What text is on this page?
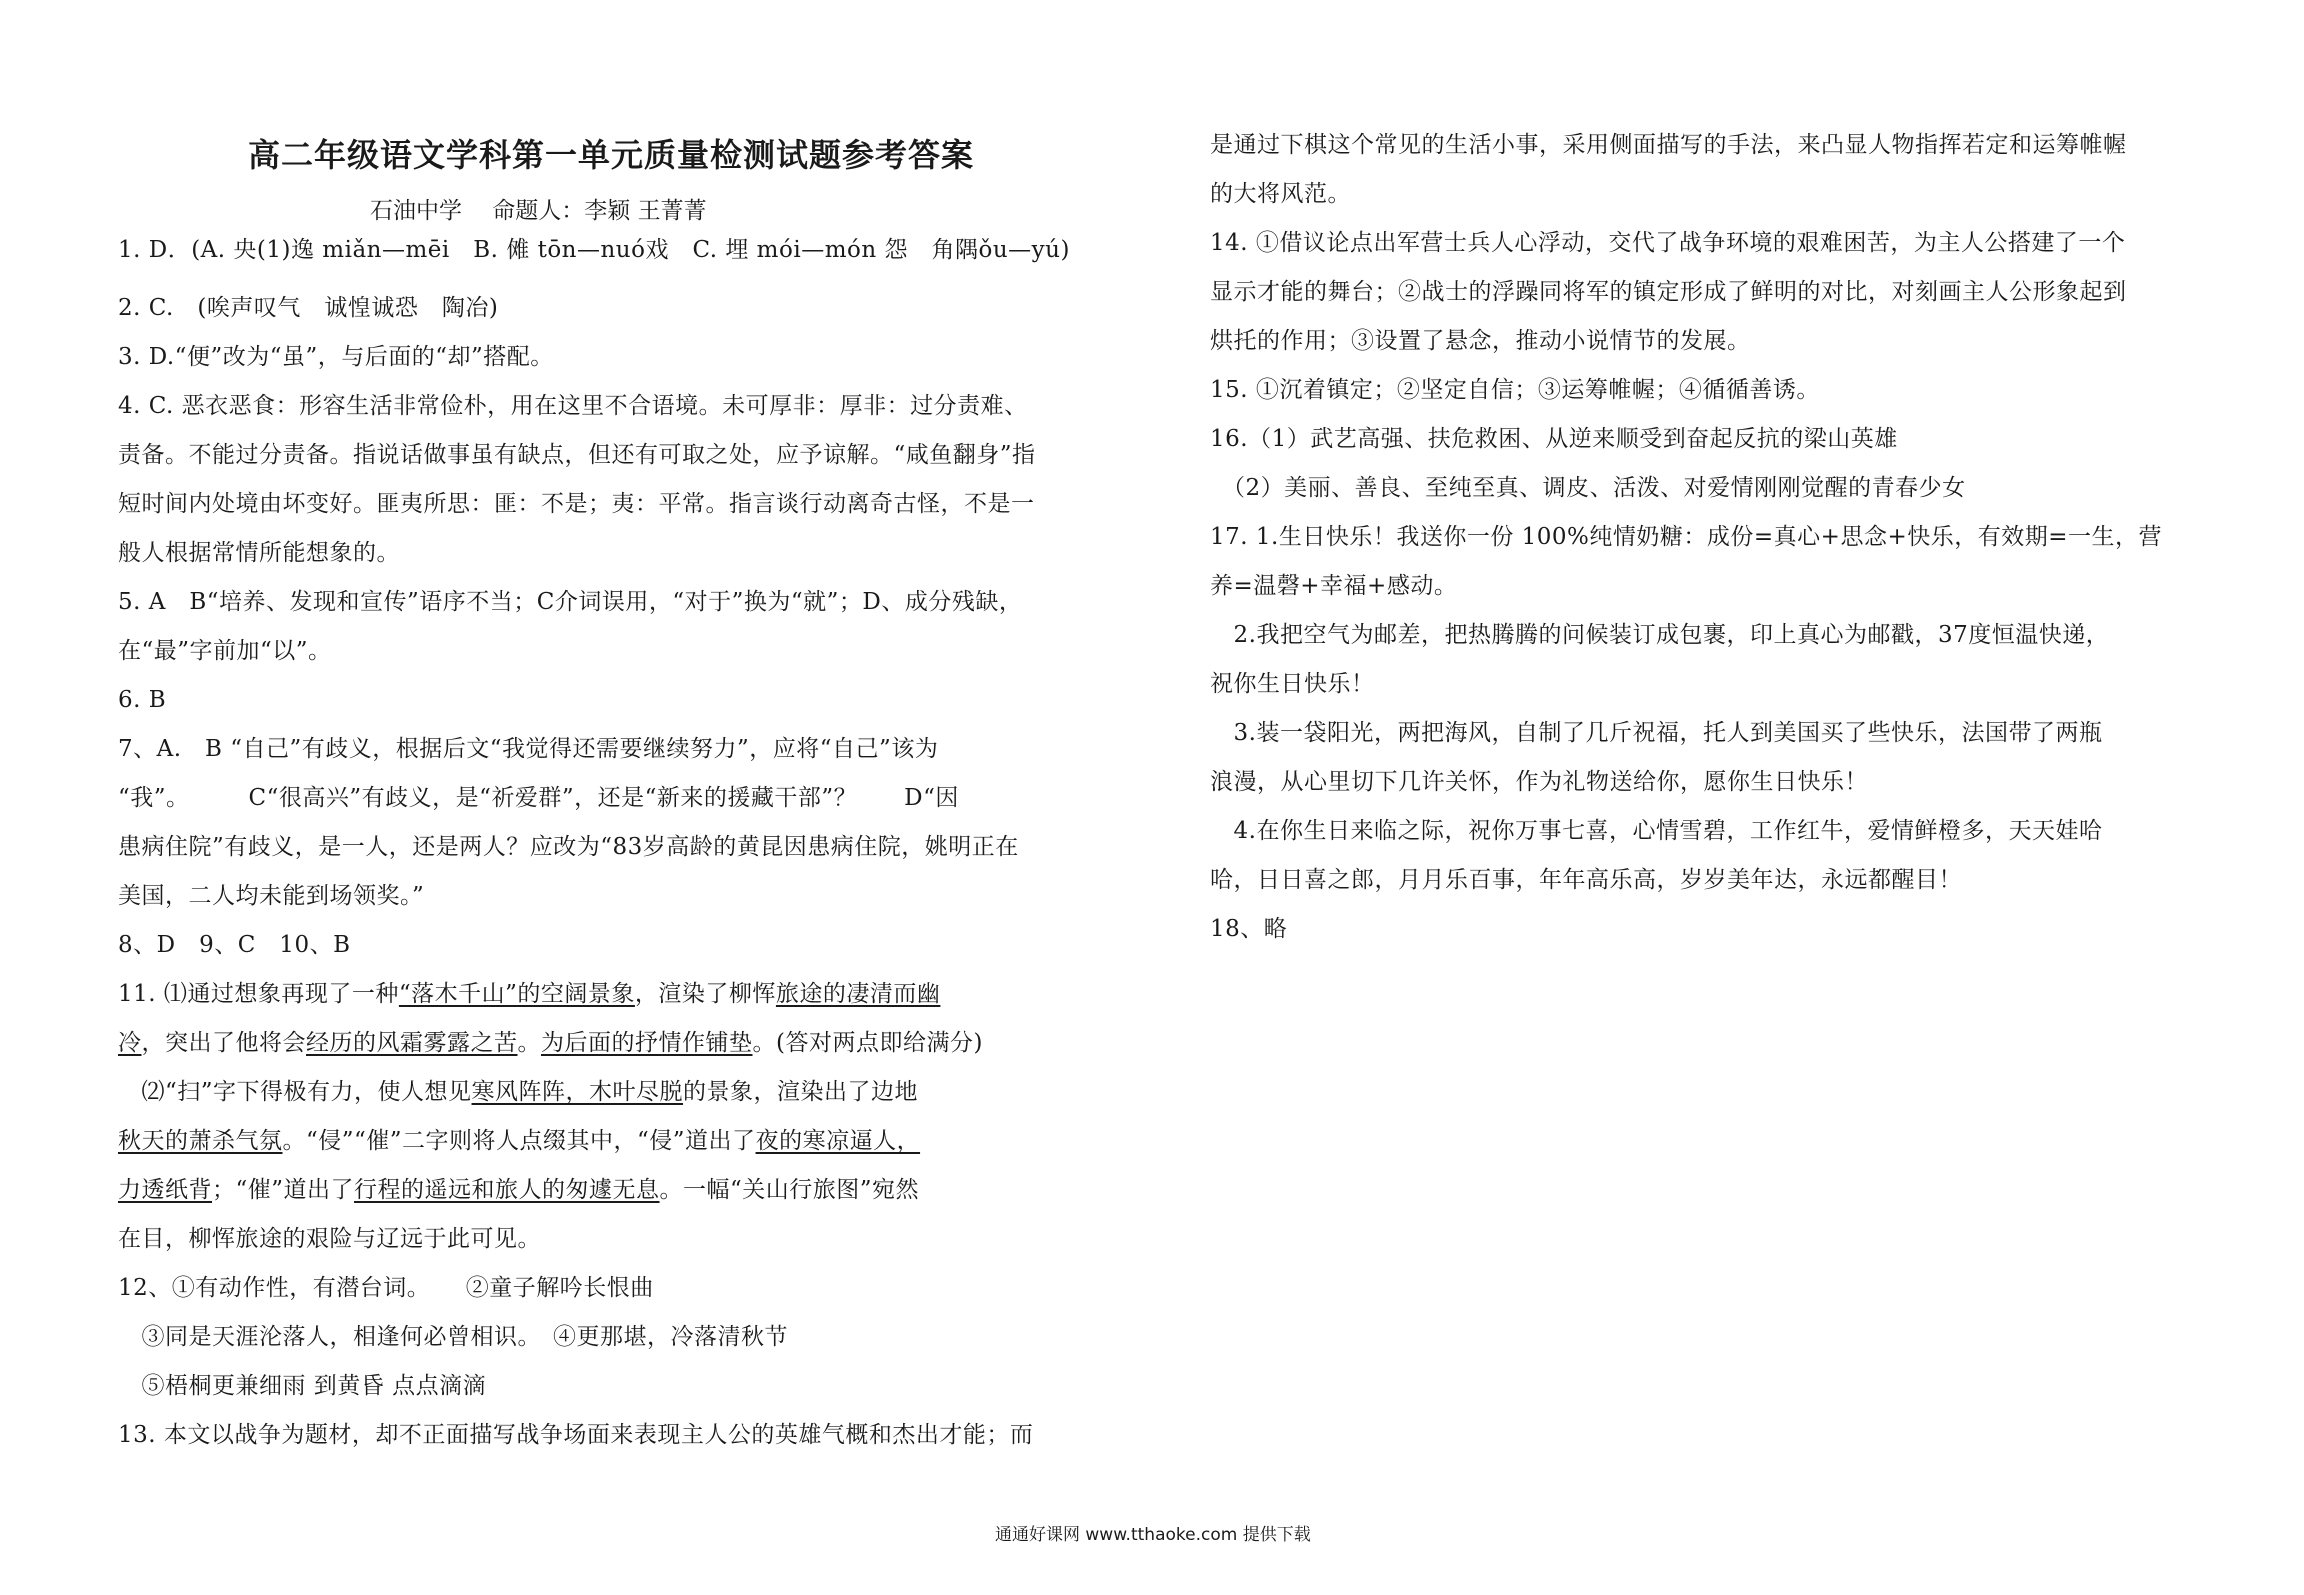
高二年级语文学科第一单元质量检测试题参考答案
石油中学　 命题人：李颖 王菁菁
1. D．(A. 央(1)逸 miǎn—mēi　B. 傩 tōn—nuó戏　C. 埋 mói—món 怨　角隅ǒu—yú)
2. C.　(唉声叹气　诚惶诚恐　陶冶)
3. D.“便”改为“虽”，与后面的“却”搭配。
4. C. 恶衣恶食：形容生活非常俭朴，用在这里不合语境。未可厚非：厚非：过分责难、
责备。不能过分责备。指说话做事虽有缺点，但还有可取之处，应予谅解。“咸鱼翻身”指
短时间内处境由坏变好。匪夷所思：匪：不是；夷：平常。指言谈行动离奇古怪，不是一
般人根据常情所能想象的。
5. A　B“培养、发现和宣传”语序不当；C介词误用，“对于”换为“就”；D、成分残缺，
在“最”字前加“以”。
6. B
7、A.　B “自己”有歧义，根据后文“我觉得还需要继续努力”，应将“自己”该为
“我”。　　　C“很高兴”有歧义，是“祈爱群”，还是“新来的援藏干部”？　　D“因
患病住院”有歧义，是一人，还是两人？应改为“83岁高龄的黄昆因患病住院，姚明正在
美国，二人均未能到场领奖。”
8、D　9、C　10、B
11. ⑴通过想象再现了一种“落木千山”的空阔景象，渲染了柳恽旅途的凄清而幽
冷，突出了他将会经历的风霜雾露之苦。为后面的抒情作铺垫。(答对两点即给满分)
　⑵“扫”字下得极有力，使人想见寒风阵阵，木叶尽脱的景象，渲染出了边地
秋天的萧杀气氛。“侵”“催”二字则将人点缀其中，“侵”道出了夜的寒凉逼人，
力透纸背；“催”道出了行程的遥远和旅人的匆遽无息。一幅“关山行旅图”宛然
在目，柳恽旅途的艰险与辽远于此可见。
12、①有动作性，有潜台词。　　②童子解吟长恨曲
　③同是天涯沦落人，相逢何必曾相识。　④更那堪，冷落清秋节
　⑤梧桐更兼细雨 到黄昏 点点滴滴
13. 本文以战争为题材，却不正面描写战争场面来表现主人公的英雄气概和杰出才能；而
是通过下棋这个常见的生活小事，采用侧面描写的手法，来凸显人物指挥若定和运筹帷幄
的大将风范。
14. ①借议论点出军营士兵人心浮动，交代了战争环境的艰难困苦，为主人公搭建了一个
显示才能的舞台；②战士的浮躁同将军的镇定形成了鲜明的对比，对刻画主人公形象起到
烘托的作用；③设置了悬念，推动小说情节的发展。
15. ①沉着镇定；②坚定自信；③运筹帷幄；④循循善诱。
16.（1）武艺高强、扶危救困、从逆来顺受到奋起反抗的梁山英雄
　（2）美丽、善良、至纯至真、调皮、活泼、对爱情刚刚觉醒的青春少女
17. 1.生日快乐！我送你一份 100%纯情奶糖：成份=真心+思念+快乐，有效期=一生，营
养=温磬+幸福+感动。
　2.我把空气为邮差，把热腾腾的问候装订成包裹，印上真心为邮戳，37度恒温快递，
祝你生日快乐！
　3.装一袋阳光，两把海风，自制了几斤祝福，托人到美国买了些快乐，法国带了两瓶
浪漫，从心里切下几许关怀，作为礼物送给你，愿你生日快乐！
　4.在你生日来临之际，祝你万事七喜，心情雪碧，工作红牛，爱情鲜橙多，天天娃哈
哈，日日喜之郎，月月乐百事，年年高乐高，岁岁美年达，永远都醒目！
18、略
通通好课网 www.tthaoke.com 提供下载
